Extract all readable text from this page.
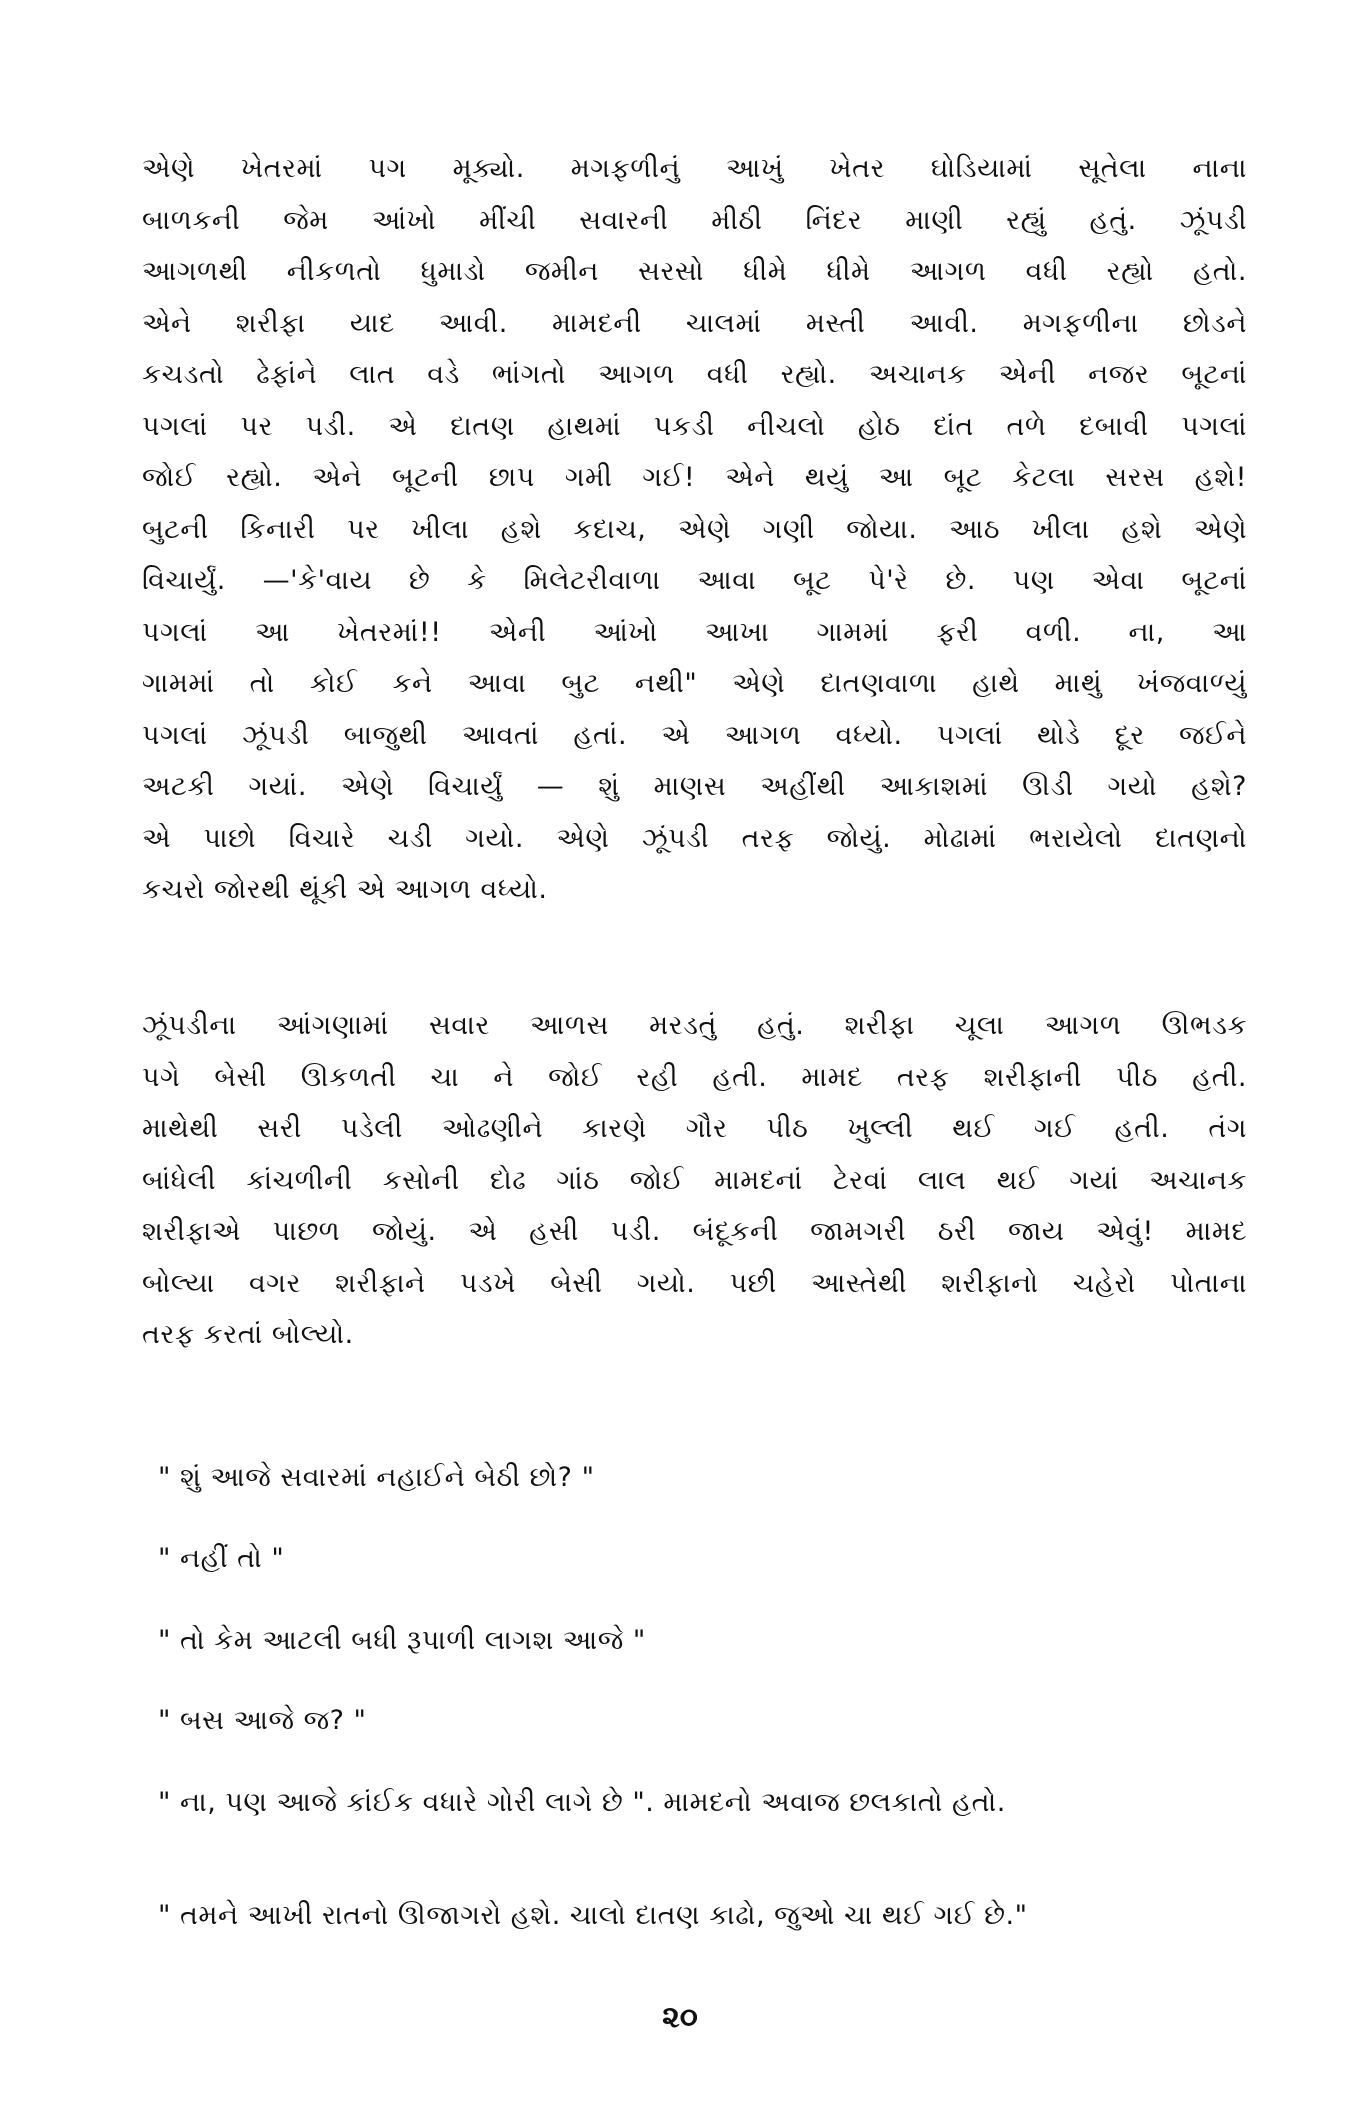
એણે ખેતરમાં પગ મૂક્યો. મગફળીનું આખું ખેતર ઘોડિયામાં સૂતેલા નાના
બાળકની જેમ આંખો મીંચી સવારની મીઠી નિંદર માણી રહ્યું હતું. ઝૂંપડી
આગળથી નીકળતો ધુમાડો જમીન સરસો ધીમે ધીમે આગળ વધી રહ્યો હતો.
એને શરીફા યાદ આવી. મામદની ચાલમાં મસ્તી આવી. મગફળીના છોડને
કચડતો ઢેફાંને લાત વડે ભાંગતો આગળ વધી રહ્યો. અચાનક એની નજર બૂટનાં
પગલાં પર પડી. એ દાતણ હાથમાં પકડી નીચલો હોઠ દાંત તળે દબાવી પગલાં
જોઈ રહ્યો. એને બૂટની છાપ ગમી ગઈ! એને થયું આ બૂટ કેટલા સરસ હશે!
બુટની કિનારી પર ખીલા હશે કદાચ, એણે ગણી જોયા. આઠ ખીલા હશે એણે
વિચાર્યું. —'કે'વાય છે કે મિલેટરીવાળા આવા બૂટ પે'રે છે. પણ એવા બૂટનાં
પગલાં આ ખેતરમાં!! એની આંખો આખા ગામમાં ફરી વળી. ના, આ
ગામમાં તો કોઈ કને આવા બુટ નથી" એણે દાતણવાળા હાથે માથું ખંજવાળ્યું
પગલાં ઝૂંપડી બાજુથી આવતાં હતાં. એ આગળ વધ્યો. પગલાં થોડે દૂર જઈને
અટકી ગયાં. એણે વિચાર્યું — શું માણસ અહીંથી આકાશમાં ઊડી ગયો હશે?
એ પાછો વિચારે ચડી ગયો. એણે ઝૂંપડી તરફ જોયું. મોઢામાં ભરાયેલો દાતણનો
કચરો જોરથી થૂંકી એ આગળ વધ્યો.
ઝૂંપડીના આંગણામાં સવાર આળસ મરડતું હતું. શરીફા ચૂલા આગળ ઊભડક
પગે બેસી ઊકળતી ચા ને જોઈ રહી હતી. મામદ તરફ શરીફાની પીઠ હતી.
માથેથી સરી પડેલી ઓઢણીને કારણે ગૌર પીઠ ખુલ્લી થઈ ગઈ હતી. તંગ
બાંધેલી કાંચળીની કસોની દોઢ ગાંઠ જોઈ મામદનાં ટેરવાં લાલ થઈ ગયાં અચાનક
શરીફાએ પાછળ જોયું. એ હસી પડી. બંદૂકની જામગરી ઠરી જાય એવું! મામદ
બોલ્યા વગર શરીફાને પડખે બેસી ગયો. પછી આસ્તેથી શરીફાનો ચહેરો પોતાના
તરફ કરતાં બોલ્યો.

" શું આજે સવારમાં નહાઈને બેઠી છો? "

" નહીં તો "

" તો કેમ આટલી બધી રૂપાળી લાગશ આજે "

" બસ આજે જ? "

" ના, પણ આજે કાંઈક વધારે ગોરી લાગે છે ". મામદનો અવાજ છલકાતો હતો.

" તમને આખી રાતનો ઊજાગરો હશે. ચાલો દાતણ કાઢો, જુઓ ચા થઈ ગઈ છે."

૨૦
